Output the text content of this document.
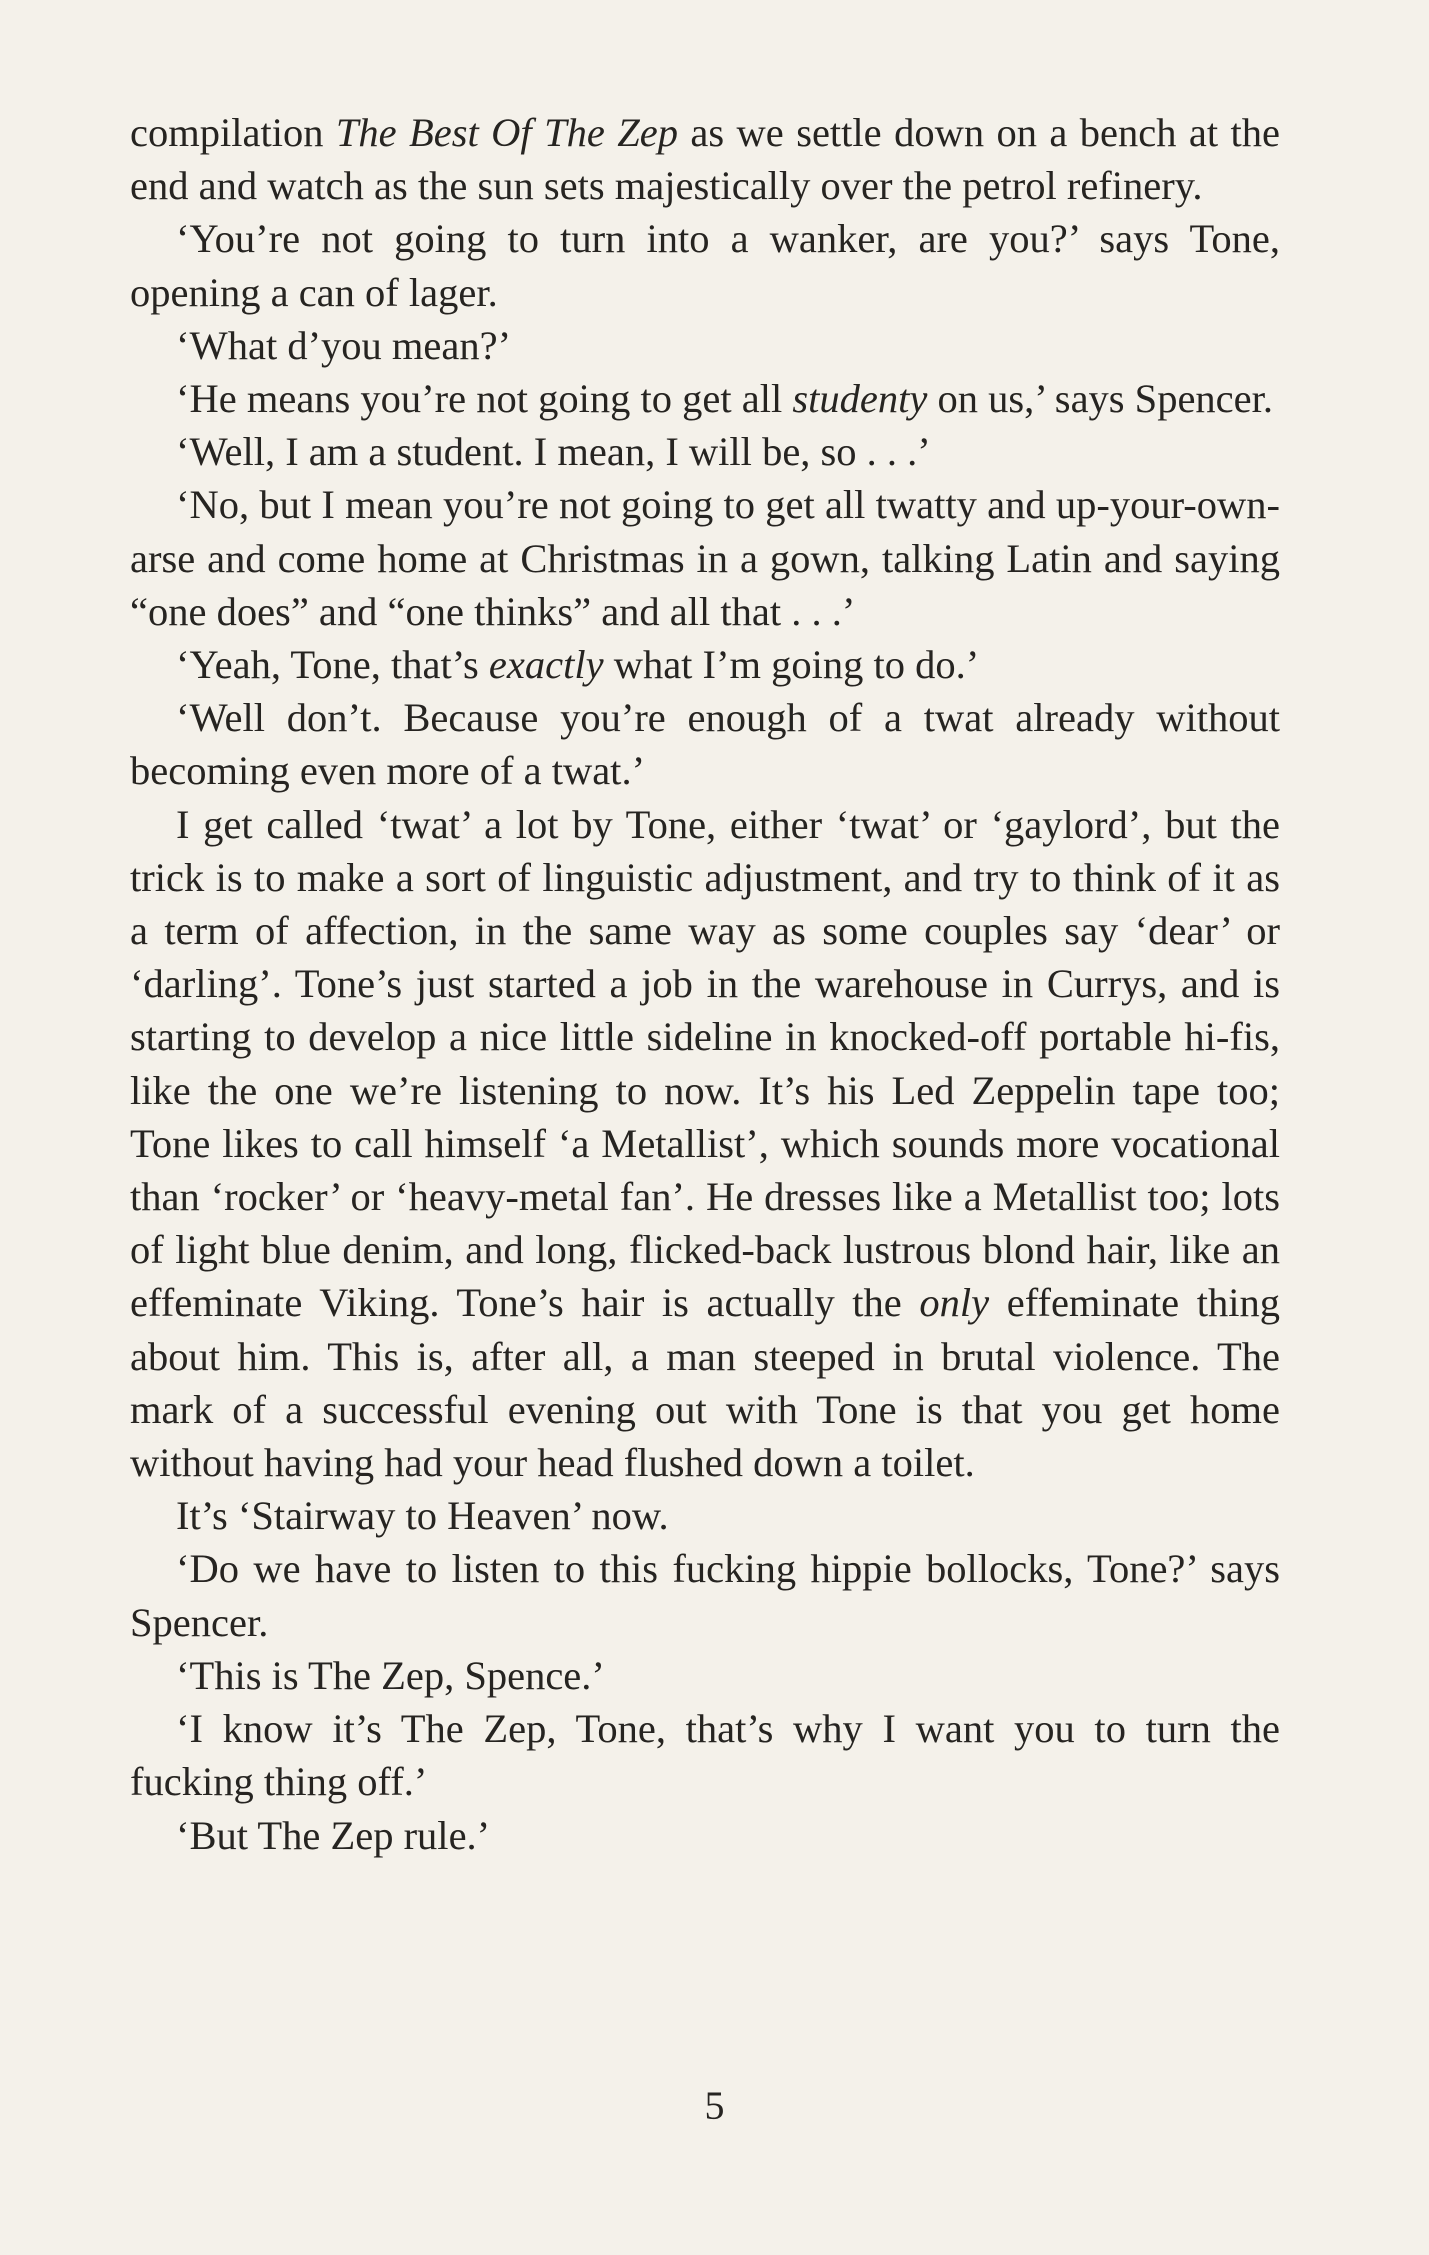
compilation The Best Of The Zep as we settle down on a bench at the end and watch as the sun sets majestically over the petrol refinery.

‘You’re not going to turn into a wanker, are you?’ says Tone, opening a can of lager.

‘What d’you mean?’

‘He means you’re not going to get all studenty on us,’ says Spencer.

‘Well, I am a student. I mean, I will be, so . . .’

‘No, but I mean you’re not going to get all twatty and up-your-own-arse and come home at Christmas in a gown, talking Latin and saying “one does” and “one thinks” and all that . . .’

‘Yeah, Tone, that’s exactly what I’m going to do.’

‘Well don’t. Because you’re enough of a twat already without becoming even more of a twat.’

I get called ‘twat’ a lot by Tone, either ‘twat’ or ‘gaylord’, but the trick is to make a sort of linguistic adjustment, and try to think of it as a term of affection, in the same way as some couples say ‘dear’ or ‘darling’. Tone’s just started a job in the warehouse in Currys, and is starting to develop a nice little sideline in knocked-off portable hi-fis, like the one we’re listening to now. It’s his Led Zeppelin tape too; Tone likes to call himself ‘a Metallist’, which sounds more vocational than ‘rocker’ or ‘heavy-metal fan’. He dresses like a Metallist too; lots of light blue denim, and long, flicked-back lustrous blond hair, like an effeminate Viking. Tone’s hair is actually the only effeminate thing about him. This is, after all, a man steeped in brutal violence. The mark of a successful evening out with Tone is that you get home without having had your head flushed down a toilet.

It’s ‘Stairway to Heaven’ now.

‘Do we have to listen to this fucking hippie bollocks, Tone?’ says Spencer.

‘This is The Zep, Spence.’

‘I know it’s The Zep, Tone, that’s why I want you to turn the fucking thing off.’

‘But The Zep rule.’

5
